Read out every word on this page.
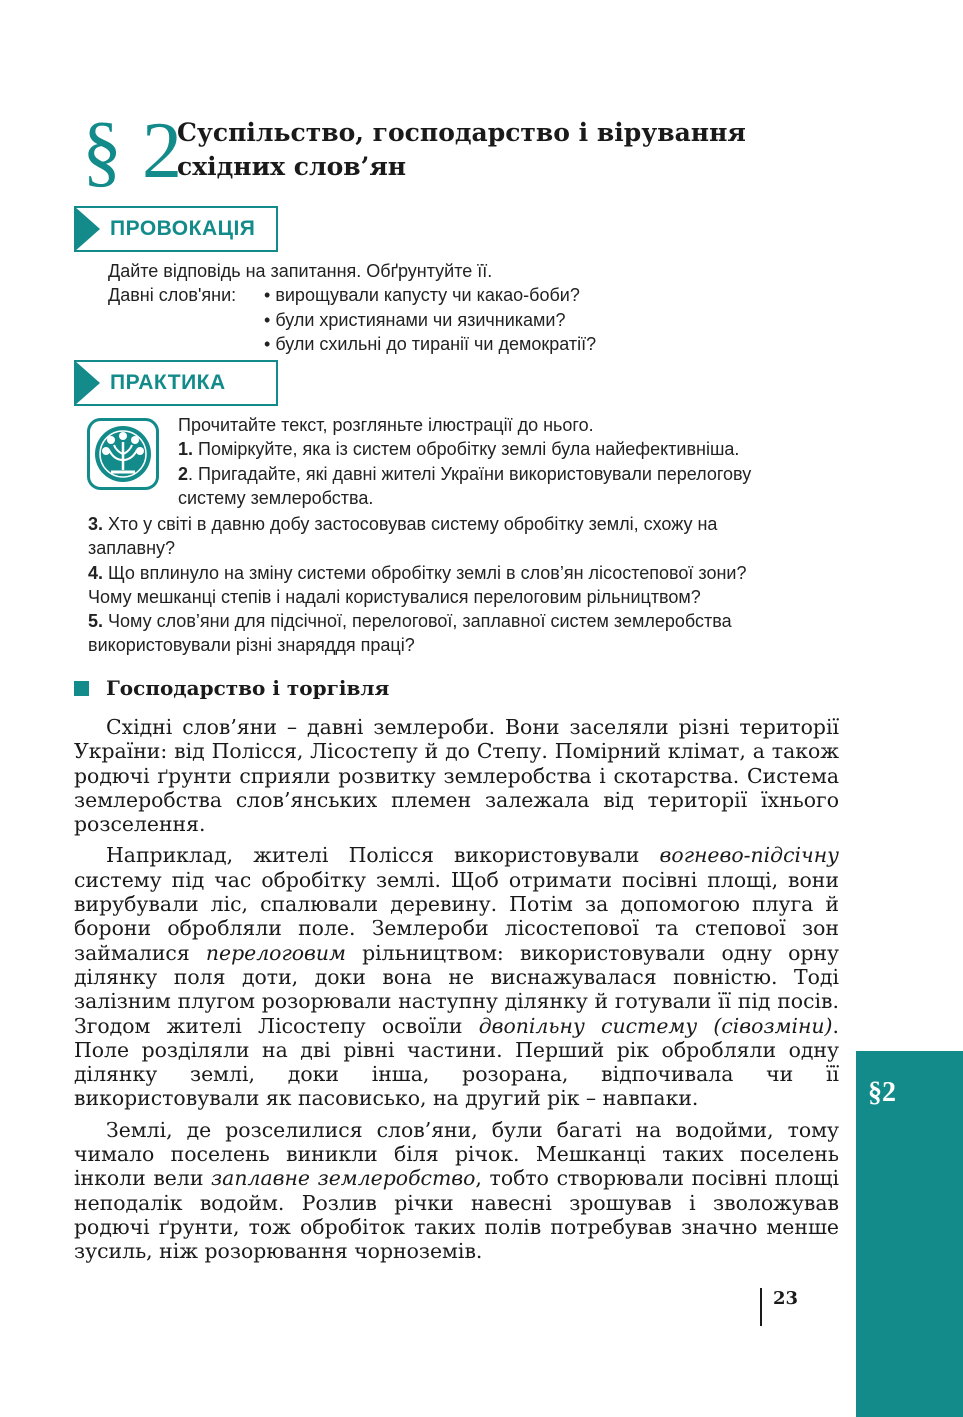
§ 2
Суспільство, господарство і вірування
східних слов’ян
ПРОВОКАЦІЯ
Дайте відповідь на запитання. Обґрунтуйте її.
Давні слов'яни:
•	вирощували капусту чи какао-боби?
• були християнами чи язичниками?
• були схильні до тиранії чи демократії?
ПРАКТИКА
Прочитайте текст, розгляньте ілюстрації до нього.
1. Поміркуйте, яка із систем обробітку землі була найефективніша.
2. Пригадайте, які давні жителі України використовували перелогову
систему землеробства.
3. Хто у світі в давню добу застосовував систему обробітку землі, схожу на
заплавну?
4. Що вплинуло на зміну системи обробітку землі в слов’ян лісостепової зони?
Чому мешканці степів і надалі користувалися перелоговим рільництвом?
5. Чому слов’яни для підсічної, перелогової, заплавної систем землеробства
використовували різні знаряддя праці?
Господарство і торгівля

Східні слов’яни – давні землероби. Вони заселяли різні території України: від Полісся, Лісостепу й до Степу. Помірний клімат, а також родючі ґрунти сприяли розвитку землеробства і скотарства. Система землеробства слов’янських племен залежала від території їхнього розселення.

Наприклад, жителі Полісся використовували вогнево-підсічну систему під час обробітку землі. Щоб отримати посівні площі, вони вирубували ліс, спалювали деревину. Потім за допомогою плуга й борони обробляли поле. Землероби лісостепової та степової зон займалися перелоговим рільництвом: використовували одну орну ділянку поля доти, доки вона не виснажувалася повністю. Тоді залізним плугом розорювали наступну ділянку й готували її під посів. Згодом жителі Лісостепу освоїли двопільну систему (сівозміни). Поле розділяли на дві рівні частини. Перший рік обробляли одну ділянку землі, доки інша, розорана, відпочивала чи її використовували як пасовисько, на другий рік – навпаки.

Землі, де розселилися слов’яни, були багаті на водойми, тому чимало поселень виникли біля річок. Мешканці таких поселень інколи вели заплавне землеробство, тобто створювали посівні площі неподалік водойм. Розлив річки навесні зрошував і зволожував родючі ґрунти, тож обробіток таких полів потребував значно менше зусиль, ніж розорювання чорноземів.

§2
23
